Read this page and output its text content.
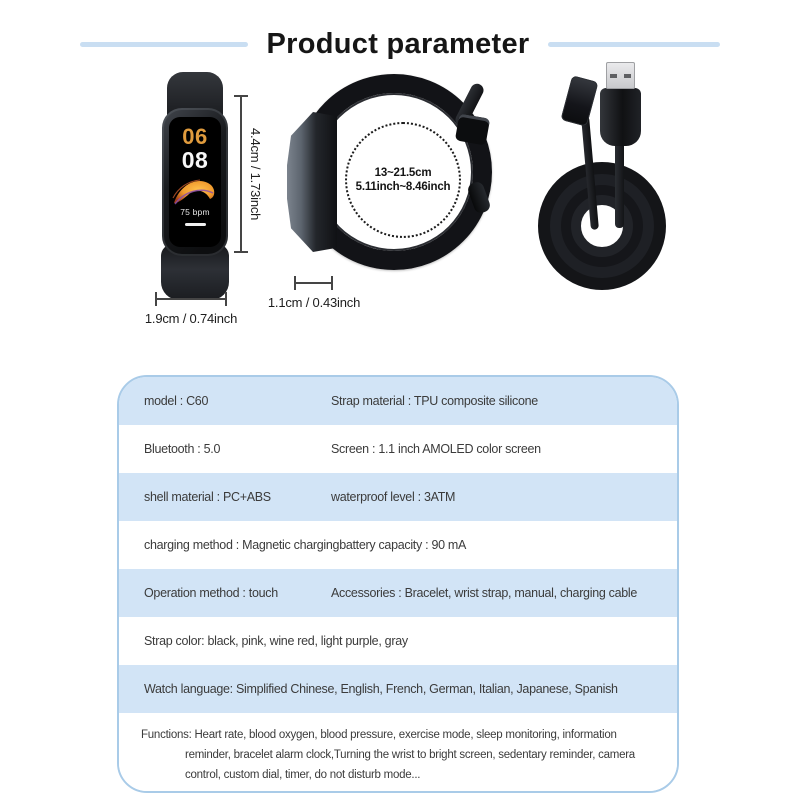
Product parameter
06
08
75 bpm	4.4cm / 1.73inch
1.9cm / 0.74inch
13~21.5cm
5.11inch~8.46inch
1.1cm / 0.43inch
model : C60	Strap material : TPU composite silicone
Bluetooth : 5.0	Screen : 1.1 inch AMOLED color screen
shell material : PC+ABS	waterproof level : 3ATM
charging method : Magnetic charging battery capacity : 90 mA
Operation method : touch	Accessories : Bracelet, wrist strap, manual, charging cable
Strap color: black, pink, wine red, light purple, gray
Watch language: Simplified Chinese, English, French, German, Italian, Japanese, Spanish
Functions: Heart rate, blood oxygen, blood pressure, exercise mode, sleep monitoring, information reminder, bracelet alarm clock,Turning the wrist to bright screen, sedentary reminder, camera control, custom dial, timer, do not disturb mode...
